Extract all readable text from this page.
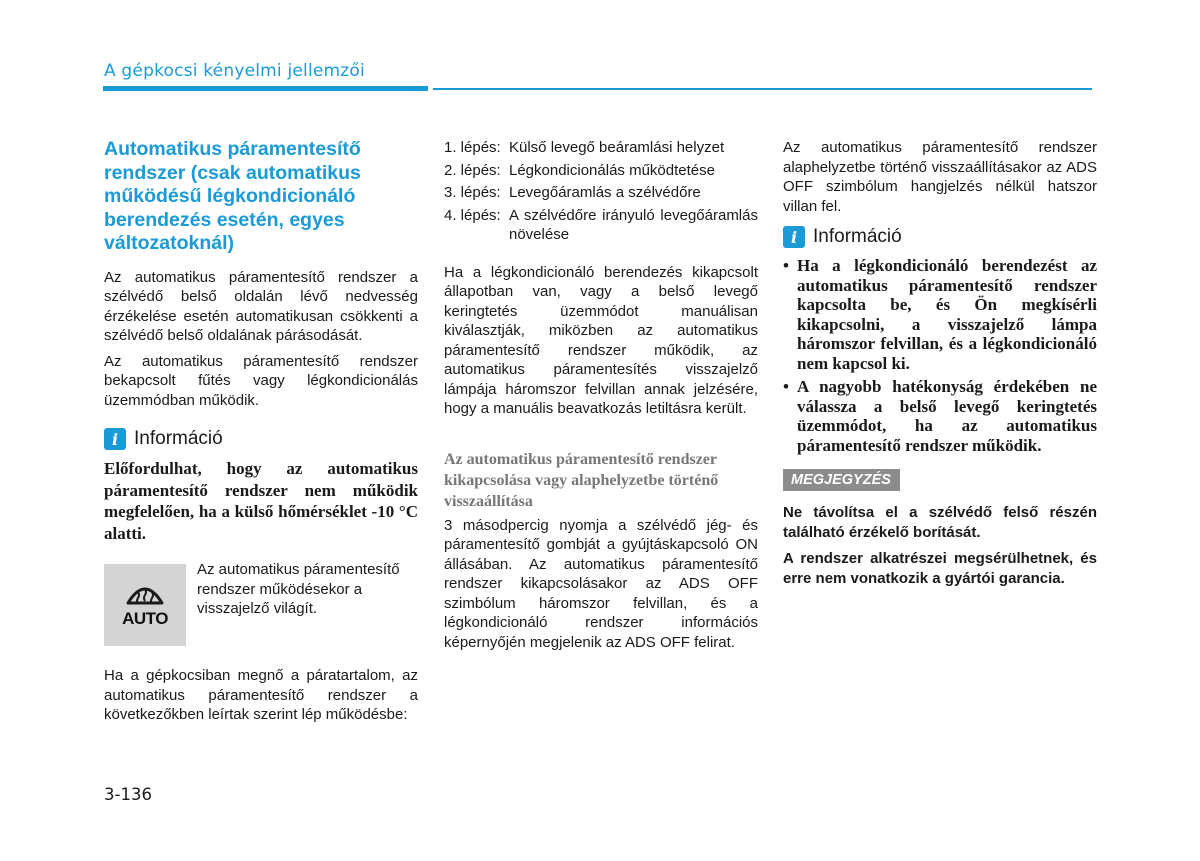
A gépkocsi kényelmi jellemzői
Automatikus páramentesítő rendszer (csak automatikus működésű légkondicionáló berendezés esetén, egyes változatoknál)

Az automatikus páramentesítő rendszer a szélvédő belső oldalán lévő nedvesség érzékelése esetén automatikusan csökkenti a szélvédő belső oldalának párásodását.

Az automatikus páramentesítő rendszer bekapcsolt fűtés vagy légkondicionálás üzemmódban működik.

i Információ

Előfordulhat, hogy az automatikus páramentesítő rendszer nem működik megfelelően, ha a külső hőmérséklet -10 °C alatti.

AUTO
Az automatikus páramentesítő rendszer működésekor a visszajelző világít.

Ha a gépkocsiban megnő a páratartalom, az automatikus páramentesítő rendszer a következőkben leírtak szerint lép működésbe:

1. lépés: Külső levegő beáramlási helyzet
2. lépés: Légkondicionálás működtetése
3. lépés: Levegőáramlás a szélvédőre
4. lépés: A szélvédőre irányuló levegőáramlás növelése

Ha a légkondicionáló berendezés kikapcsolt állapotban van, vagy a belső levegő keringtetés üzemmódot manuálisan kiválasztják, miközben az automatikus páramentesítő rendszer működik, az automatikus páramentesítés visszajelző lámpája háromszor felvillan annak jelzésére, hogy a manuális beavatkozás letiltásra került.

Az automatikus páramentesítő rendszer kikapcsolása vagy alaphelyzetbe történő visszaállítása

3 másodpercig nyomja a szélvédő jég- és páramentesítő gombját a gyújtáskapcsoló ON állásában. Az automatikus páramentesítő rendszer kikapcsolásakor az ADS OFF szimbólum háromszor felvillan, és a légkondicionáló rendszer információs képernyőjén megjelenik az ADS OFF felirat.

Az automatikus páramentesítő rendszer alaphelyzetbe történő visszaállításakor az ADS OFF szimbólum hangjelzés nélkül hatszor villan fel.

i Információ
• Ha a légkondicionáló berendezést az automatikus páramentesítő rendszer kapcsolta be, és Ön megkísérli kikapcsolni, a visszajelző lámpa háromszor felvillan, és a légkondicionáló nem kapcsol ki.
• A nagyobb hatékonyság érdekében ne válassza a belső levegő keringtetés üzemmódot, ha az automatikus páramentesítő rendszer működik.
MEGJEGYZÉS

Ne távolítsa el a szélvédő felső részén található érzékelő borítását.

A rendszer alkatrészei megsérülhetnek, és erre nem vonatkozik a gyártói garancia.

3-136
